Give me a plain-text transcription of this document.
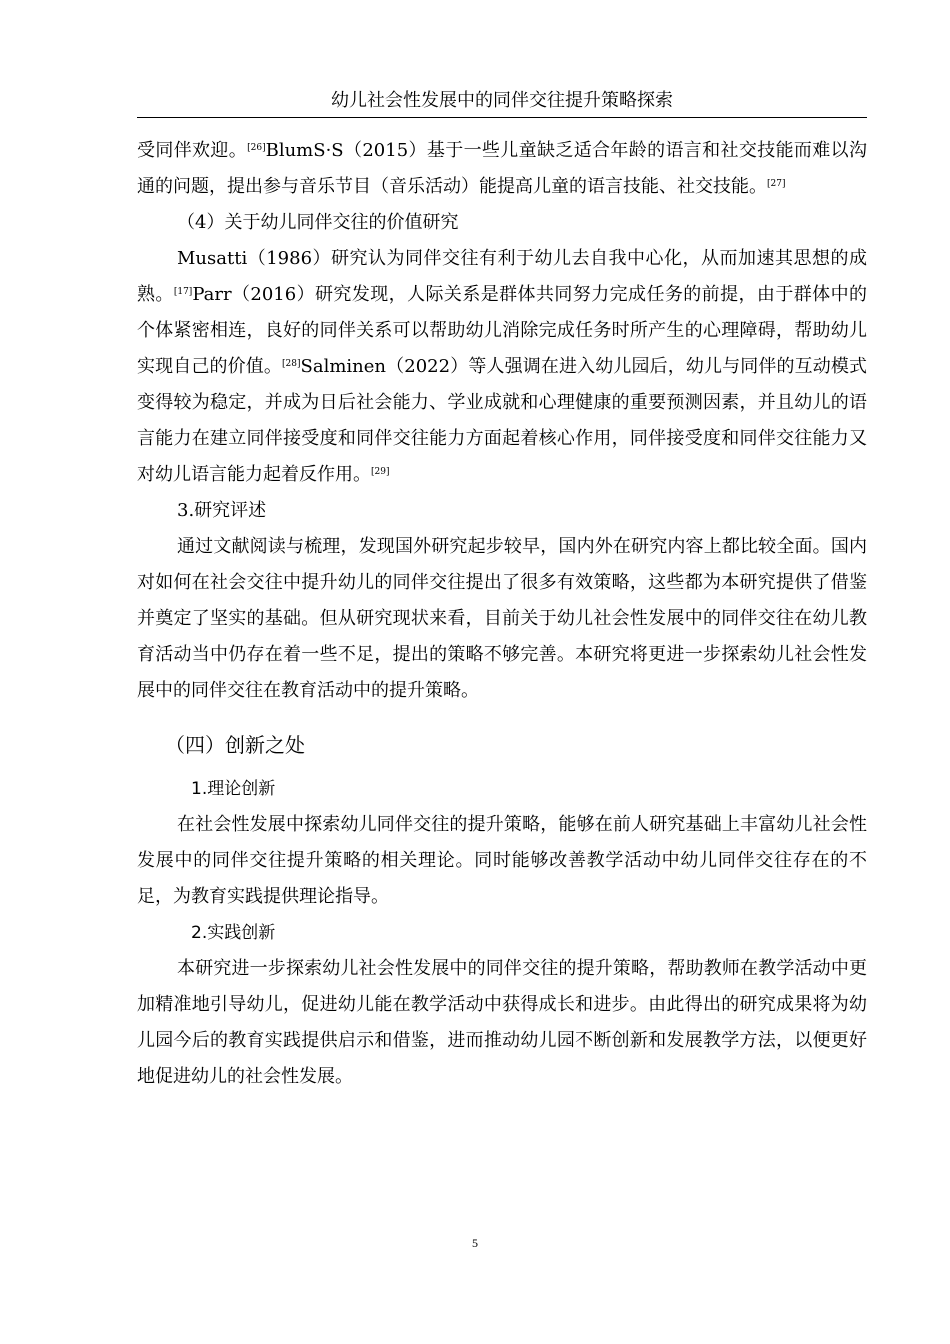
幼儿社会性发展中的同伴交往提升策略探索

受同伴欢迎。[26]BlumS·S（2015）基于一些儿童缺乏适合年龄的语言和社交技能而难以沟通的问题，提出参与音乐节目（音乐活动）能提高儿童的语言技能、社交技能。[27]

（4）关于幼儿同伴交往的价值研究

Musatti（1986）研究认为同伴交往有利于幼儿去自我中心化，从而加速其思想的成熟。[17]Parr（2016）研究发现，人际关系是群体共同努力完成任务的前提，由于群体中的个体紧密相连，良好的同伴关系可以帮助幼儿消除完成任务时所产生的心理障碍，帮助幼儿实现自己的价值。[28]Salminen（2022）等人强调在进入幼儿园后，幼儿与同伴的互动模式变得较为稳定，并成为日后社会能力、学业成就和心理健康的重要预测因素，并且幼儿的语言能力在建立同伴接受度和同伴交往能力方面起着核心作用，同伴接受度和同伴交往能力又对幼儿语言能力起着反作用。[29]

3.研究评述

通过文献阅读与梳理，发现国外研究起步较早，国内外在研究内容上都比较全面。国内对如何在社会交往中提升幼儿的同伴交往提出了很多有效策略，这些都为本研究提供了借鉴并奠定了坚实的基础。但从研究现状来看，目前关于幼儿社会性发展中的同伴交往在幼儿教育活动当中仍存在着一些不足，提出的策略不够完善。本研究将更进一步探索幼儿社会性发展中的同伴交往在教育活动中的提升策略。

（四）创新之处
1.理论创新

在社会性发展中探索幼儿同伴交往的提升策略，能够在前人研究基础上丰富幼儿社会性发展中的同伴交往提升策略的相关理论。同时能够改善教学活动中幼儿同伴交往存在的不足，为教育实践提供理论指导。

2.实践创新

本研究进一步探索幼儿社会性发展中的同伴交往的提升策略，帮助教师在教学活动中更加精准地引导幼儿，促进幼儿能在教学活动中获得成长和进步。由此得出的研究成果将为幼儿园今后的教育实践提供启示和借鉴，进而推动幼儿园不断创新和发展教学方法，以便更好地促进幼儿的社会性发展。

5
